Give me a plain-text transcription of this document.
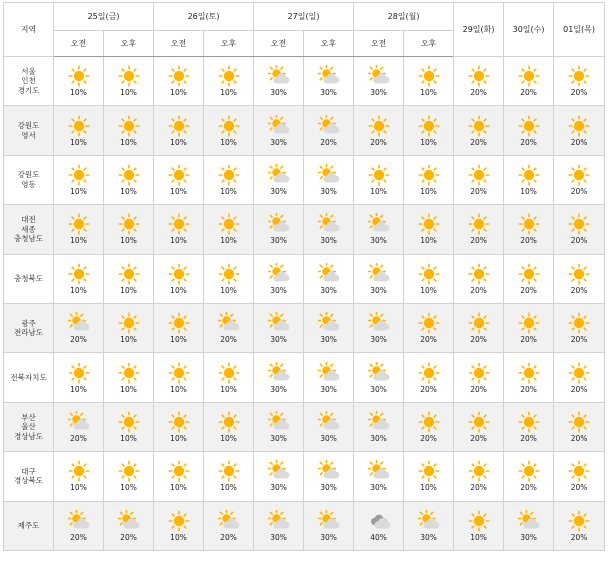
지역	25일(금)		26일(토)		27일(일)		28일(월)		29일(화)	30일(수)	01일(목)
	오전	오후	오전	오후	오전	오후	오전	오후			
서울
인천
경기도	10%	10%	10%	10%	30%	30%	30%	10%	20%	20%	20%

강원도
영서	10%	10%	10%	10%	30%	20%	20%	10%	20%	20%	20%

강원도
영동	10%	10%	10%	10%	30%	30%	10%	10%	20%	10%	20%

대전
세종
충청남도	10%	10%	10%	10%	30%	30%	30%	10%	20%	20%	20%

충청북도	10%	10%	10%	10%	30%	30%	30%	10%	20%	20%	20%

광주
전라남도	20%	10%	10%	20%	30%	30%	30%	20%	20%	20%	20%

전북자치도	10%	10%	10%	10%	30%	30%	30%	20%	20%	20%	20%

부산
울산
경상남도	20%	10%	10%	10%	30%	30%	30%	20%	20%	20%	20%

대구
경상북도	10%	10%	10%	10%	30%	30%	30%	10%	20%	20%	20%

제주도	20%	20%	10%	20%	30%	30%	40%	30%	10%	30%	20%
